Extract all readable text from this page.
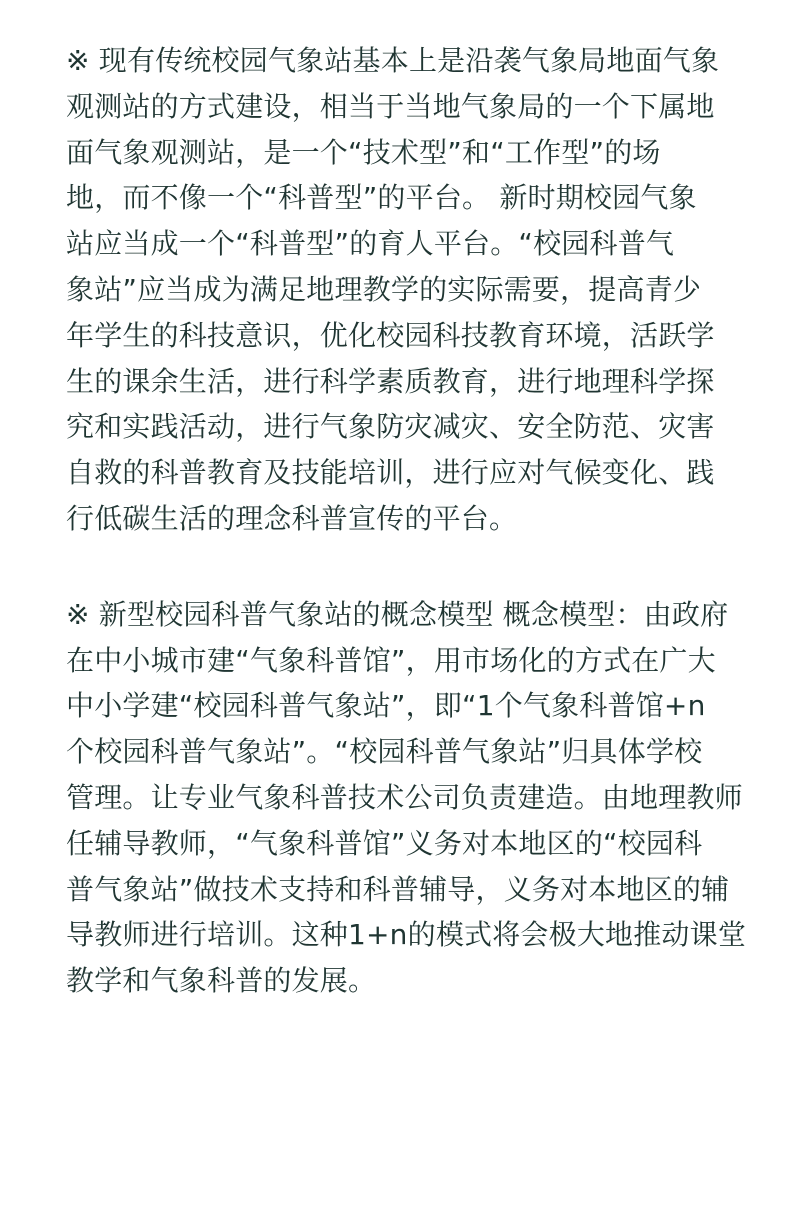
※ 现有传统校园气象站基本上是沿袭气象局地面气象
观测站的方式建设，相当于当地气象局的一个下属地
面气象观测站，是一个“技术型”和“工作型”的场
地，而不像一个“科普型”的平台。 新时期校园气象
站应当成一个“科普型”的育人平台。“校园科普气
象站”应当成为满足地理教学的实际需要，提高青少
年学生的科技意识，优化校园科技教育环境，活跃学
生的课余生活，进行科学素质教育，进行地理科学探
究和实践活动，进行气象防灾减灾、安全防范、灾害
自救的科普教育及技能培训，进行应对气候变化、践
行低碳生活的理念科普宣传的平台。
※ 新型校园科普气象站的概念模型 概念模型：由政府
在中小城市建“气象科普馆”，用市场化的方式在广大
中小学建“校园科普气象站”，即“1个气象科普馆+n
个校园科普气象站”。“校园科普气象站”归具体学校
管理。让专业气象科普技术公司负责建造。由地理教师
任辅导教师，“气象科普馆”义务对本地区的“校园科
普气象站”做技术支持和科普辅导，义务对本地区的辅
导教师进行培训。这种1+n的模式将会极大地推动课堂
教学和气象科普的发展。
